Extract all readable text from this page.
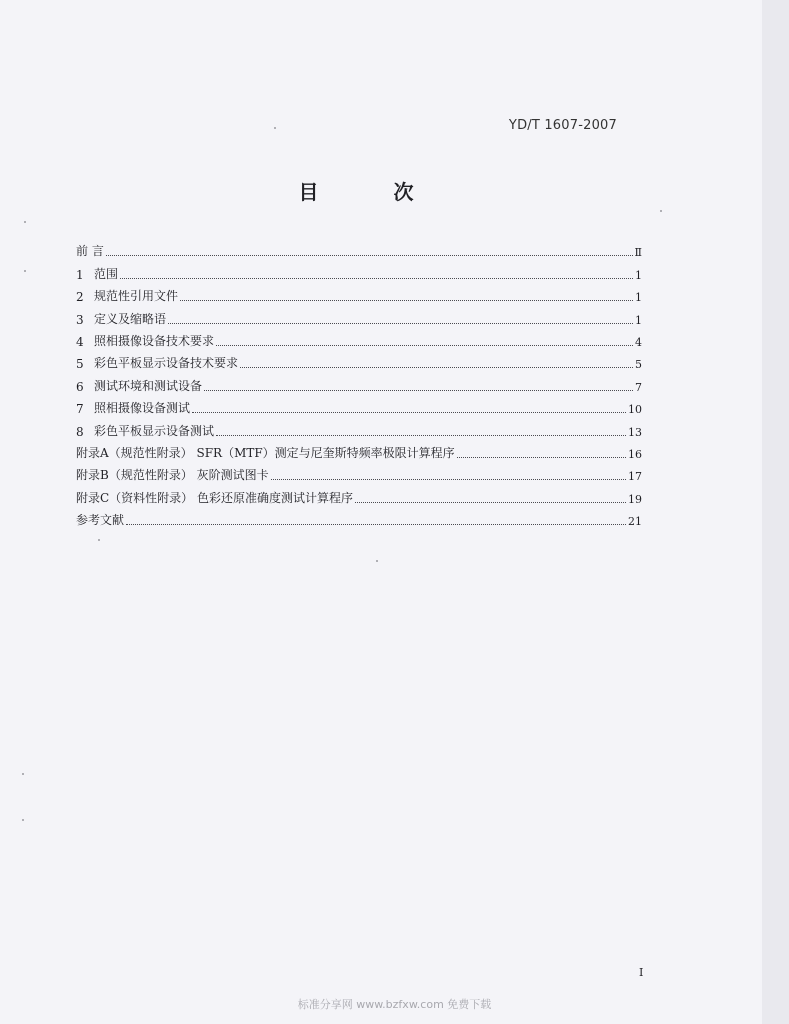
YD/T 1607-2007
目 次
前 言	Ⅱ
1 范围	1
2 规范性引用文件	1
3 定义及缩略语	1
4 照相摄像设备技术要求	4
5 彩色平板显示设备技术要求	5
6 测试环境和测试设备	7
7 照相摄像设备测试	10
8 彩色平板显示设备测试	13
附录A（规范性附录） SFR（MTF）测定与尼奎斯特频率极限计算程序	16
附录B（规范性附录） 灰阶测试图卡	17
附录C（资料性附录） 色彩还原准确度测试计算程序	19
参考文献	21
I
标准分享网 www.bzfxw.com 免费下载
